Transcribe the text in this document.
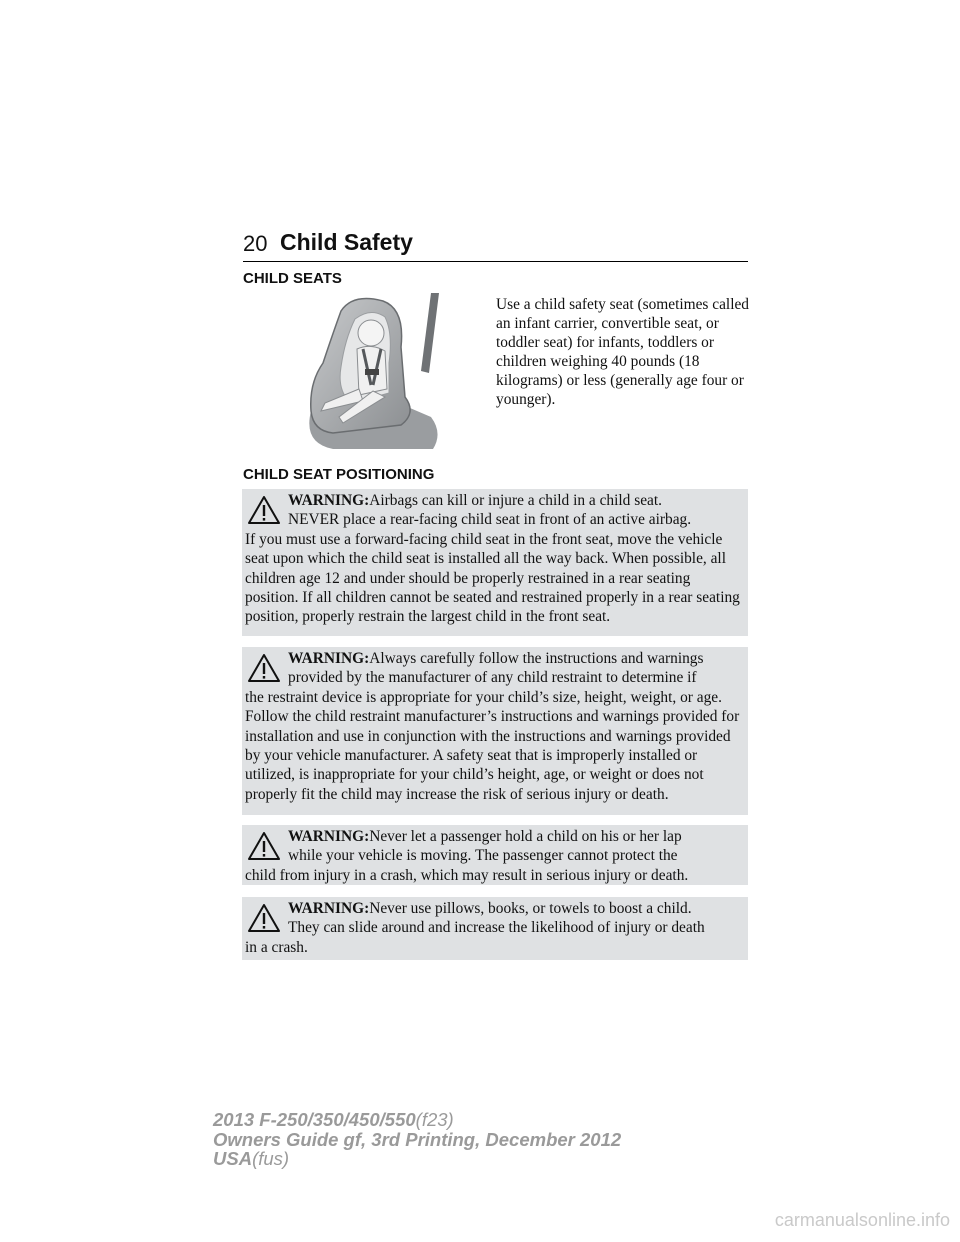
20 Child Safety
CHILD SEATS

Use a child safety seat (sometimes called an infant carrier, convertible seat, or toddler seat) for infants, toddlers or children weighing 40 pounds (18 kilograms) or less (generally age four or younger).

CHILD SEAT POSITIONING

WARNING:Airbags can kill or injure a child in a child seat.
NEVER place a rear-facing child seat in front of an active airbag.
If you must use a forward-facing child seat in the front seat, move the vehicle seat upon which the child seat is installed all the way back. When possible, all children age 12 and under should be properly restrained in a rear seating position. If all children cannot be seated and restrained properly in a rear seating position, properly restrain the largest child in the front seat.

WARNING:Always carefully follow the instructions and warnings
provided by the manufacturer of any child restraint to determine if
the restraint device is appropriate for your child’s size, height, weight, or age. Follow the child restraint manufacturer’s instructions and warnings provided for installation and use in conjunction with the instructions and warnings provided by your vehicle manufacturer. A safety seat that is improperly installed or utilized, is inappropriate for your child’s height, age, or weight or does not properly fit the child may increase the risk of serious injury or death.

WARNING:Never let a passenger hold a child on his or her lap
while your vehicle is moving. The passenger cannot protect the
child from injury in a crash, which may result in serious injury or death.

WARNING:Never use pillows, books, or towels to boost a child.
They can slide around and increase the likelihood of injury or death
in a crash.

2013 F-250/350/450/550(f23)
Owners Guide gf, 3rd Printing, December 2012
USA(fus)
carmanualsonline.info
